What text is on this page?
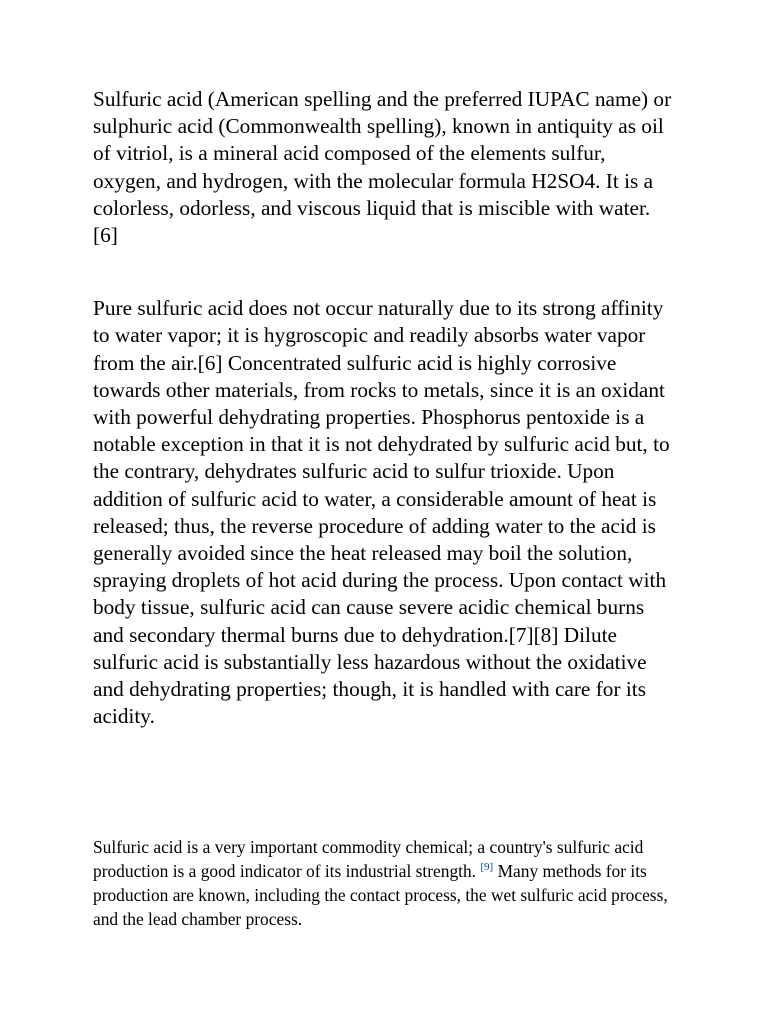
Sulfuric acid (American spelling and the preferred IUPAC name) or sulphuric acid (Commonwealth spelling), known in antiquity as oil of vitriol, is a mineral acid composed of the elements sulfur, oxygen, and hydrogen, with the molecular formula H2SO4. It is a colorless, odorless, and viscous liquid that is miscible with water.[6]

Pure sulfuric acid does not occur naturally due to its strong affinity to water vapor; it is hygroscopic and readily absorbs water vapor from the air.[6] Concentrated sulfuric acid is highly corrosive towards other materials, from rocks to metals, since it is an oxidant with powerful dehydrating properties. Phosphorus pentoxide is a notable exception in that it is not dehydrated by sulfuric acid but, to the contrary, dehydrates sulfuric acid to sulfur trioxide. Upon addition of sulfuric acid to water, a considerable amount of heat is released; thus, the reverse procedure of adding water to the acid is generally avoided since the heat released may boil the solution, spraying droplets of hot acid during the process. Upon contact with body tissue, sulfuric acid can cause severe acidic chemical burns and secondary thermal burns due to dehydration.[7][8] Dilute sulfuric acid is substantially less hazardous without the oxidative and dehydrating properties; though, it is handled with care for its acidity.

Sulfuric acid is a very important commodity chemical; a country's sulfuric acid production is a good indicator of its industrial strength. [9] Many methods for its production are known, including the contact process, the wet sulfuric acid process, and the lead chamber process.
